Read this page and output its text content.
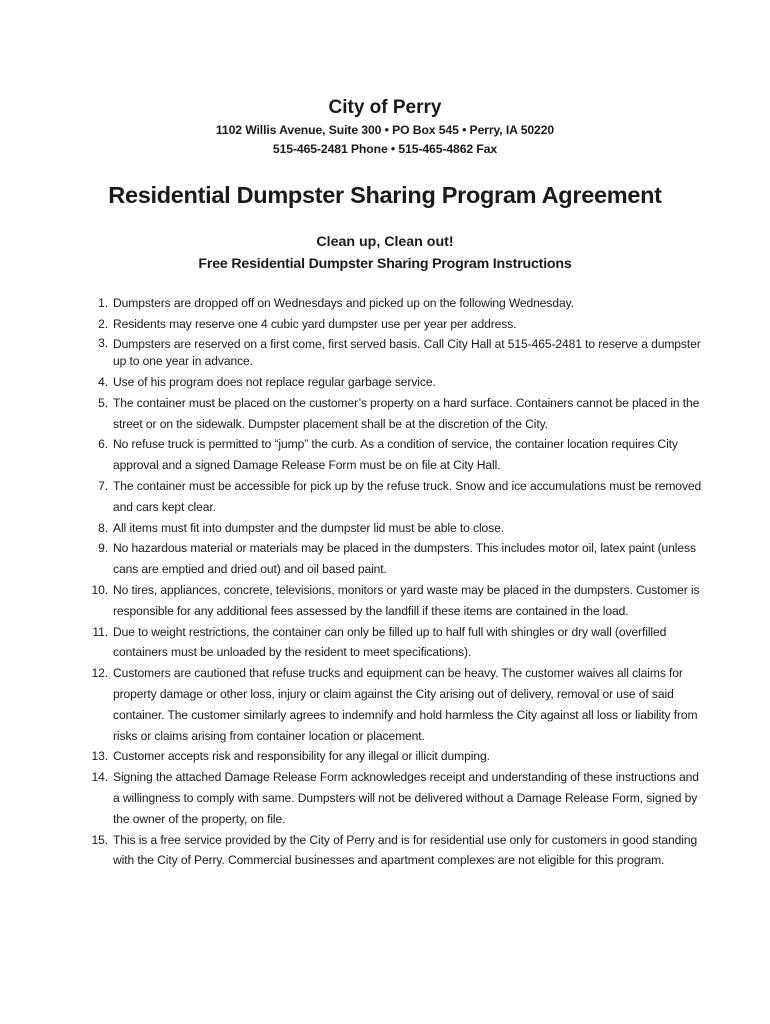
City of Perry

1102 Willis Avenue, Suite 300 • PO Box 545 • Perry, IA 50220

515-465-2481 Phone • 515-465-4862 Fax

Residential Dumpster Sharing Program Agreement

Clean up, Clean out!

Free Residential Dumpster Sharing Program Instructions

1. Dumpsters are dropped off on Wednesdays and picked up on the following Wednesday.
2. Residents may reserve one 4 cubic yard dumpster use per year per address.
3. Dumpsters are reserved on a first come, first served basis. Call City Hall at 515-465-2481 to reserve a dumpster up to one year in advance.
4. Use of his program does not replace regular garbage service.
5. The container must be placed on the customer’s property on a hard surface. Containers cannot be placed in the street or on the sidewalk. Dumpster placement shall be at the discretion of the City.
6. No refuse truck is permitted to “jump” the curb. As a condition of service, the container location requires City approval and a signed Damage Release Form must be on file at City Hall.
7. The container must be accessible for pick up by the refuse truck. Snow and ice accumulations must be removed and cars kept clear.
8. All items must fit into dumpster and the dumpster lid must be able to close.
9. No hazardous material or materials may be placed in the dumpsters. This includes motor oil, latex paint (unless cans are emptied and dried out) and oil based paint.
10. No tires, appliances, concrete, televisions, monitors or yard waste may be placed in the dumpsters. Customer is responsible for any additional fees assessed by the landfill if these items are contained in the load.
11. Due to weight restrictions, the container can only be filled up to half full with shingles or dry wall (overfilled containers must be unloaded by the resident to meet specifications).
12. Customers are cautioned that refuse trucks and equipment can be heavy. The customer waives all claims for property damage or other loss, injury or claim against the City arising out of delivery, removal or use of said container. The customer similarly agrees to indemnify and hold harmless the City against all loss or liability from risks or claims arising from container location or placement.
13. Customer accepts risk and responsibility for any illegal or illicit dumping.
14. Signing the attached Damage Release Form acknowledges receipt and understanding of these instructions and a willingness to comply with same. Dumpsters will not be delivered without a Damage Release Form, signed by the owner of the property, on file.
15. This is a free service provided by the City of Perry and is for residential use only for customers in good standing with the City of Perry. Commercial businesses and apartment complexes are not eligible for this program.
